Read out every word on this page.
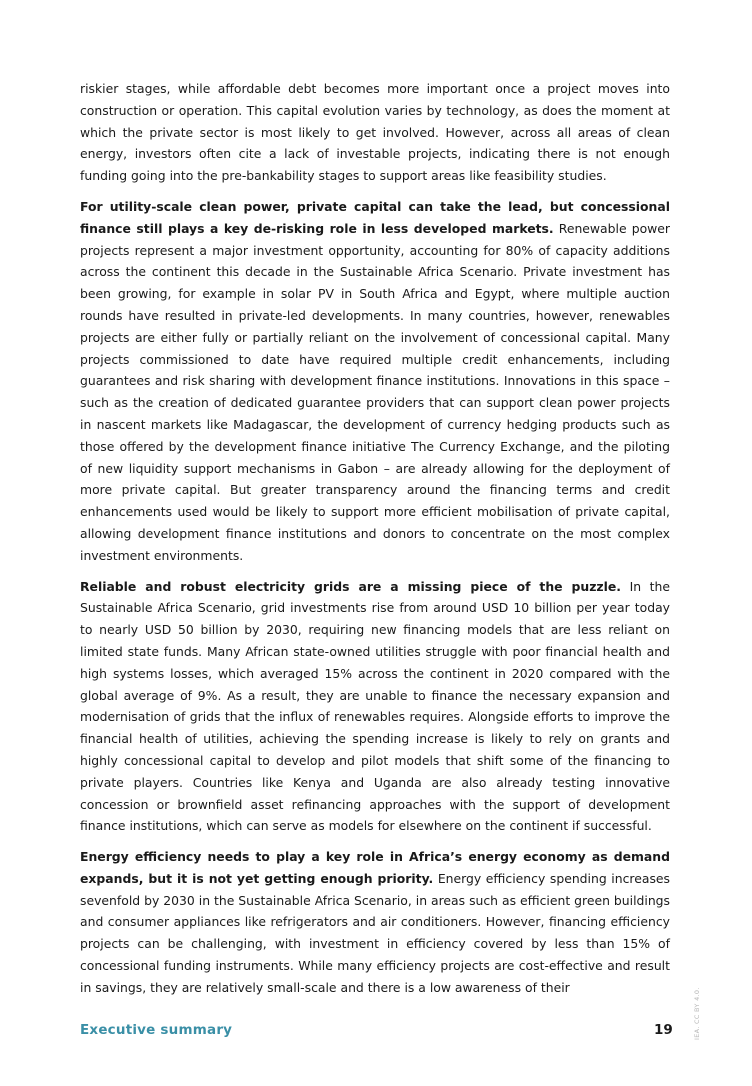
riskier stages, while affordable debt becomes more important once a project moves into construction or operation. This capital evolution varies by technology, as does the moment at which the private sector is most likely to get involved. However, across all areas of clean energy, investors often cite a lack of investable projects, indicating there is not enough funding going into the pre-bankability stages to support areas like feasibility studies.

For utility-scale clean power, private capital can take the lead, but concessional finance still plays a key de-risking role in less developed markets. Renewable power projects represent a major investment opportunity, accounting for 80% of capacity additions across the continent this decade in the Sustainable Africa Scenario. Private investment has been growing, for example in solar PV in South Africa and Egypt, where multiple auction rounds have resulted in private-led developments. In many countries, however, renewables projects are either fully or partially reliant on the involvement of concessional capital. Many projects commissioned to date have required multiple credit enhancements, including guarantees and risk sharing with development finance institutions. Innovations in this space – such as the creation of dedicated guarantee providers that can support clean power projects in nascent markets like Madagascar, the development of currency hedging products such as those offered by the development finance initiative The Currency Exchange, and the piloting of new liquidity support mechanisms in Gabon – are already allowing for the deployment of more private capital. But greater transparency around the financing terms and credit enhancements used would be likely to support more efficient mobilisation of private capital, allowing development finance institutions and donors to concentrate on the most complex investment environments.

Reliable and robust electricity grids are a missing piece of the puzzle. In the Sustainable Africa Scenario, grid investments rise from around USD 10 billion per year today to nearly USD 50 billion by 2030, requiring new financing models that are less reliant on limited state funds. Many African state-owned utilities struggle with poor financial health and high systems losses, which averaged 15% across the continent in 2020 compared with the global average of 9%. As a result, they are unable to finance the necessary expansion and modernisation of grids that the influx of renewables requires. Alongside efforts to improve the financial health of utilities, achieving the spending increase is likely to rely on grants and highly concessional capital to develop and pilot models that shift some of the financing to private players. Countries like Kenya and Uganda are also already testing innovative concession or brownfield asset refinancing approaches with the support of development finance institutions, which can serve as models for elsewhere on the continent if successful.

Energy efficiency needs to play a key role in Africa’s energy economy as demand expands, but it is not yet getting enough priority. Energy efficiency spending increases sevenfold by 2030 in the Sustainable Africa Scenario, in areas such as efficient green buildings and consumer appliances like refrigerators and air conditioners. However, financing efficiency projects can be challenging, with investment in efficiency covered by less than 15% of concessional funding instruments. While many efficiency projects are cost-effective and result in savings, they are relatively small-scale and there is a low awareness of their

Executive summary	19	IEA. CC BY 4.0.
